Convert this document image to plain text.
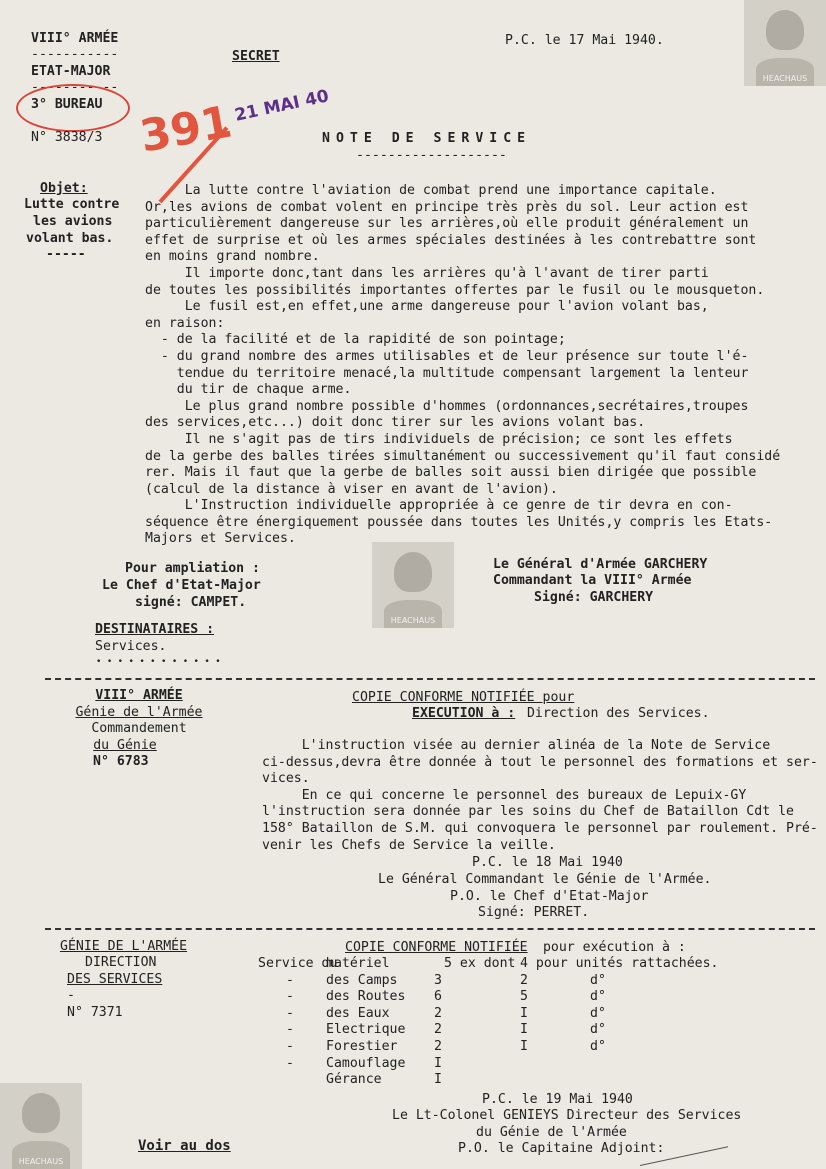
HEACHAUS
HEACHAUS
HEACHAUS
VIII° ARMÉE
-----------
ETAT-MAJOR
-----------
3° BUREAU
N° 3838/3
SECRET
P.C. le 17 Mai 1940.
391
21 MAI 40
NOTE DE SERVICE
-------------------
Objet:
Lutte contre
les avions
volant bas.
-----
La lutte contre l'aviation de combat prend une importance capitale.
Or,les avions de combat volent en principe très près du sol. Leur action est
particulièrement dangereuse sur les arrières,où elle produit généralement un
effet de surprise et où les armes spéciales destinées à les contrebattre sont
en moins grand nombre.
Il importe donc,tant dans les arrières qu'à l'avant de tirer parti
de toutes les possibilités importantes offertes par le fusil ou le mousqueton.
Le fusil est,en effet,une arme dangereuse pour l'avion volant bas,
en raison:
- de la facilité et de la rapidité de son pointage;
- du grand nombre des armes utilisables et de leur présence sur toute l'é-
tendue du territoire menacé,la multitude compensant largement la lenteur
du tir de chaque arme.
Le plus grand nombre possible d'hommes (ordonnances,secrétaires,troupes
des services,etc...) doit donc tirer sur les avions volant bas.
Il ne s'agit pas de tirs individuels de précision; ce sont les effets
de la gerbe des balles tirées simultanément ou successivement qu'il faut considé
rer. Mais il faut que la gerbe de balles soit aussi bien dirigée que possible
(calcul de la distance à viser en avant de l'avion).
L'Instruction individuelle appropriée à ce genre de tir devra en con-
séquence être énergiquement poussée dans toutes les Unités,y compris les Etats-
Majors et Services.
Pour ampliation :
Le Chef d'Etat-Major
signé: CAMPET.
Le Général d'Armée GARCHERY
Commandant la VIII° Armée
Signé: GARCHERY
DESTINATAIRES :
Services.
• • • • • • • • • • • •
VIII° ARMÉE
Génie de l'Armée
Commandement
du Génie
N° 6783
COPIE CONFORME NOTIFIÉE pour
EXECUTION à : Direction des Services.
L'instruction visée au dernier alinéa de la Note de Service
ci-dessus,devra être donnée à tout le personnel des formations et ser-
vices.
En ce qui concerne le personnel des bureaux de Lepuix-GY
l'instruction sera donnée par les soins du Chef de Bataillon Cdt le
158° Bataillon de S.M. qui convoquera le personnel par roulement. Pré-
venir les Chefs de Service la veille.
P.C. le 18 Mai 1940
Le Général Commandant le Génie de l'Armée.
P.O. le Chef d'Etat-Major
Signé: PERRET.
GÉNIE DE L'ARMÉE
DIRECTION
DES SERVICES
-
N° 7371
COPIE CONFORME NOTIFIÉE pour exécution à :
Service du
matériel	5 ex dont 4 pour unités rattachées.
- des Camps	3	2	d°
- des Routes 6	5	d°
- des Eaux	2	I	d°
- Electrique 2	I	d°
- Forestier	2	I	d°
- Camouflage I
Gérance	I
P.C. le 19 Mai 1940
Le Lt-Colonel GENIEYS Directeur des Services
du Génie de l'Armée
P.O. le Capitaine Adjoint:
Voir au dos
